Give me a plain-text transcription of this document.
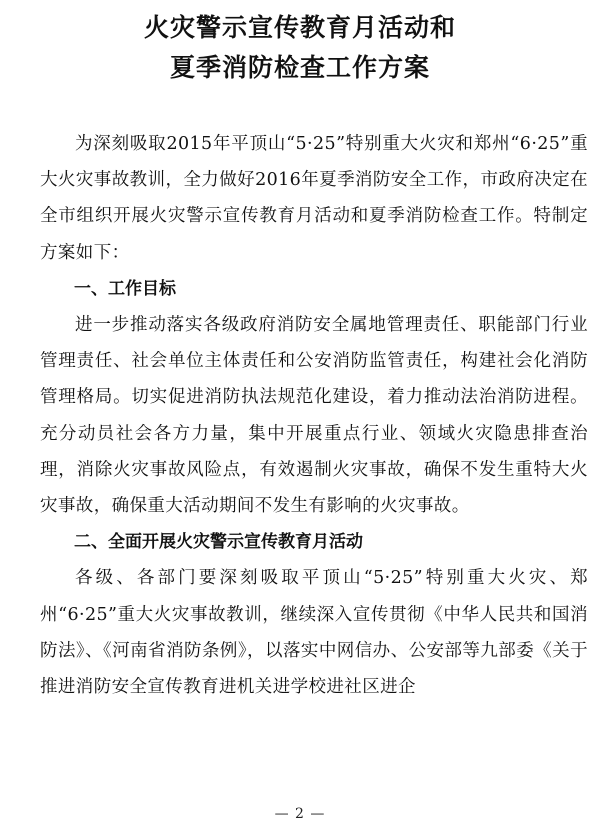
火灾警示宣传教育月活动和
夏季消防检查工作方案

为深刻吸取2015年平顶山“5·25”特别重大火灾和郑州“6·25”重大火灾事故教训，全力做好2016年夏季消防安全工作，市政府决定在全市组织开展火灾警示宣传教育月活动和夏季消防检查工作。特制定方案如下：

一、工作目标

进一步推动落实各级政府消防安全属地管理责任、职能部门行业管理责任、社会单位主体责任和公安消防监管责任，构建社会化消防管理格局。切实促进消防执法规范化建设，着力推动法治消防进程。充分动员社会各方力量，集中开展重点行业、领域火灾隐患排查治理，消除火灾事故风险点，有效遏制火灾事故，确保不发生重特大火灾事故，确保重大活动期间不发生有影响的火灾事故。

二、全面开展火灾警示宣传教育月活动

各级、各部门要深刻吸取平顶山“5·25”特别重大火灾、郑州“6·25”重大火灾事故教训，继续深入宣传贯彻《中华人民共和国消防法》、《河南省消防条例》，以落实中网信办、公安部等九部委《关于推进消防安全宣传教育进机关进学校进社区进企

— 2 —
